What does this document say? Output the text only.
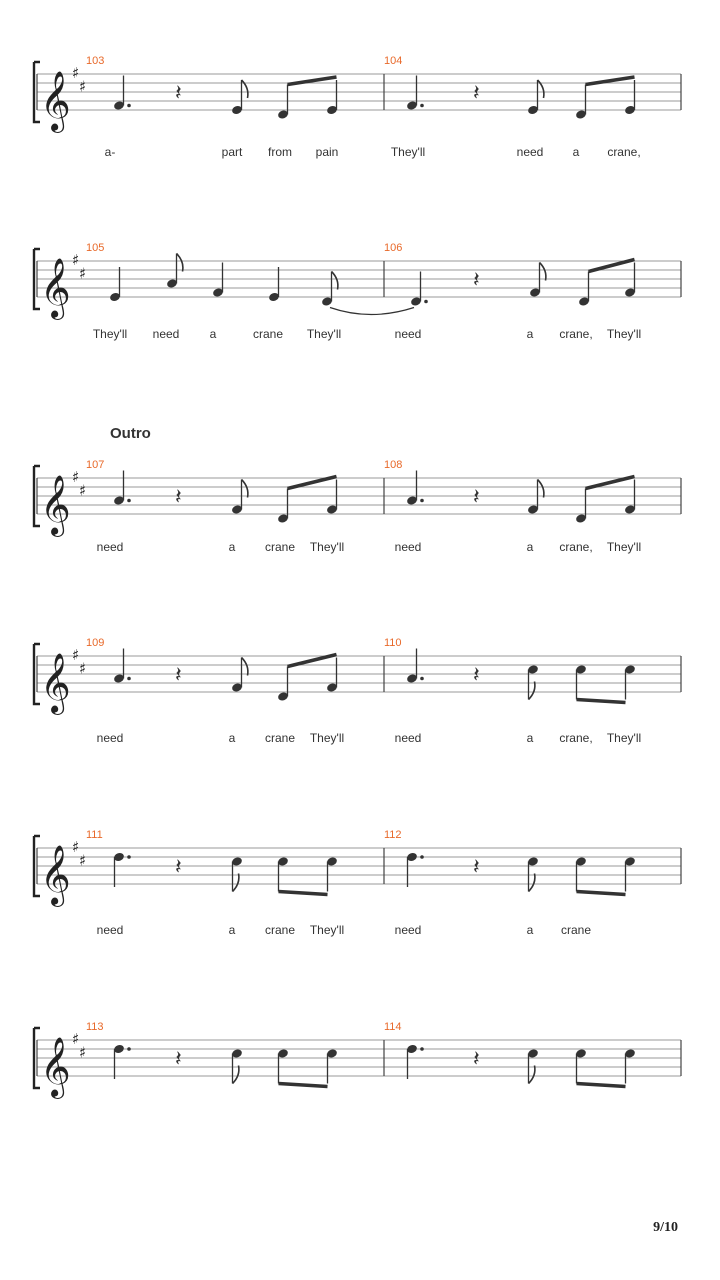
𝄞 ♯
♯
103
𝄽
104
𝄽
a-	part from pain	They'll	need a crane,
𝄞 ♯
♯
105	106
𝄽
They'll need	a	crane They'll	need	a crane, They'll
𝄞 ♯
♯
107
𝄽
108
𝄽
need	a crane They'll	need	a crane, They'll
𝄞 ♯
♯
109
𝄽
110
𝄽
need	a crane They'll	need	a crane, They'll
𝄞 ♯
♯
111
𝄽
112
𝄽
need	a crane They'll	need	a crane
𝄞 ♯
♯
113
𝄽
114
𝄽
Outro
9/10
